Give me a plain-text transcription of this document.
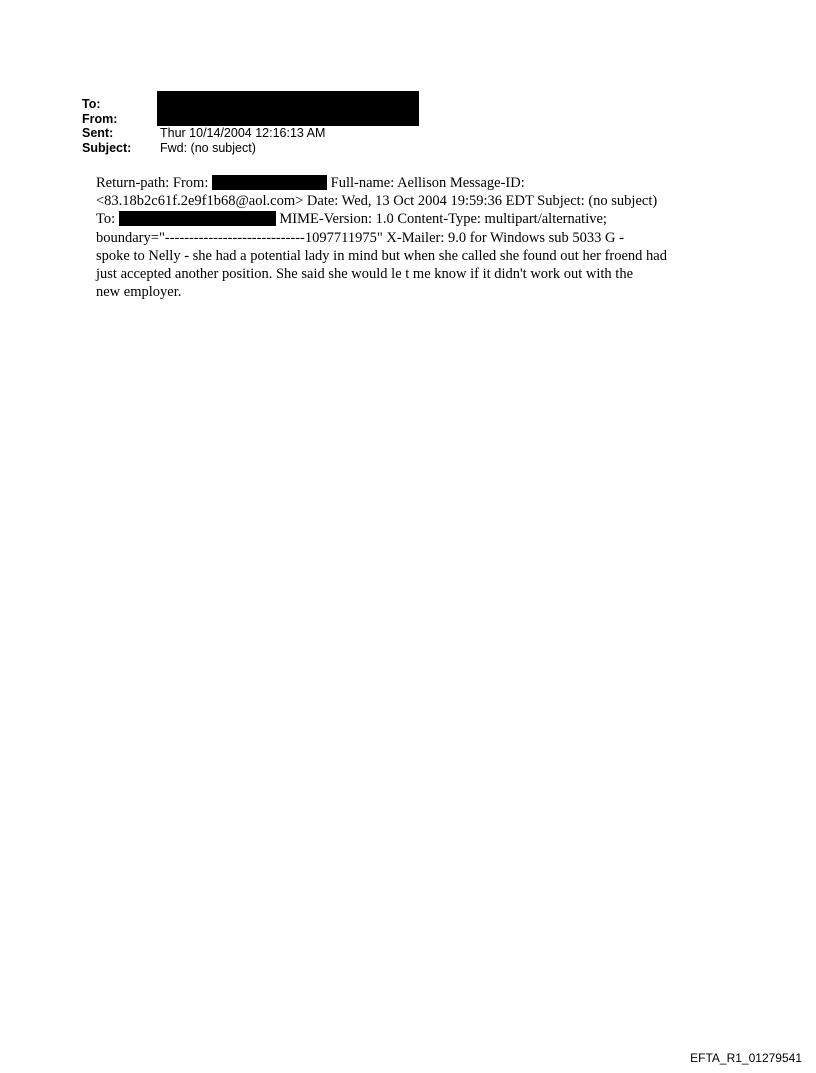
To:
From:
Sent:	Thur 10/14/2004 12:16:13 AM
Subject:	Fwd: (no subject)
Return-path: From:	Full-name: Aellison Message-ID:
<83.18b2c61f.2e9f1b68@aol.com> Date: Wed, 13 Oct 2004 19:59:36 EDT Subject: (no subject)
To:	MIME-Version: 1.0 Content-Type: multipart/alternative;
boundary="-----------------------------1097711975" X-Mailer: 9.0 for Windows sub 5033 G -
spoke to Nelly - she had a potential lady in mind but when she called she found out her froend had
just accepted another position. She said she would le t me know if it didn't work out with the
new employer.
EFTA_R1_01279541
